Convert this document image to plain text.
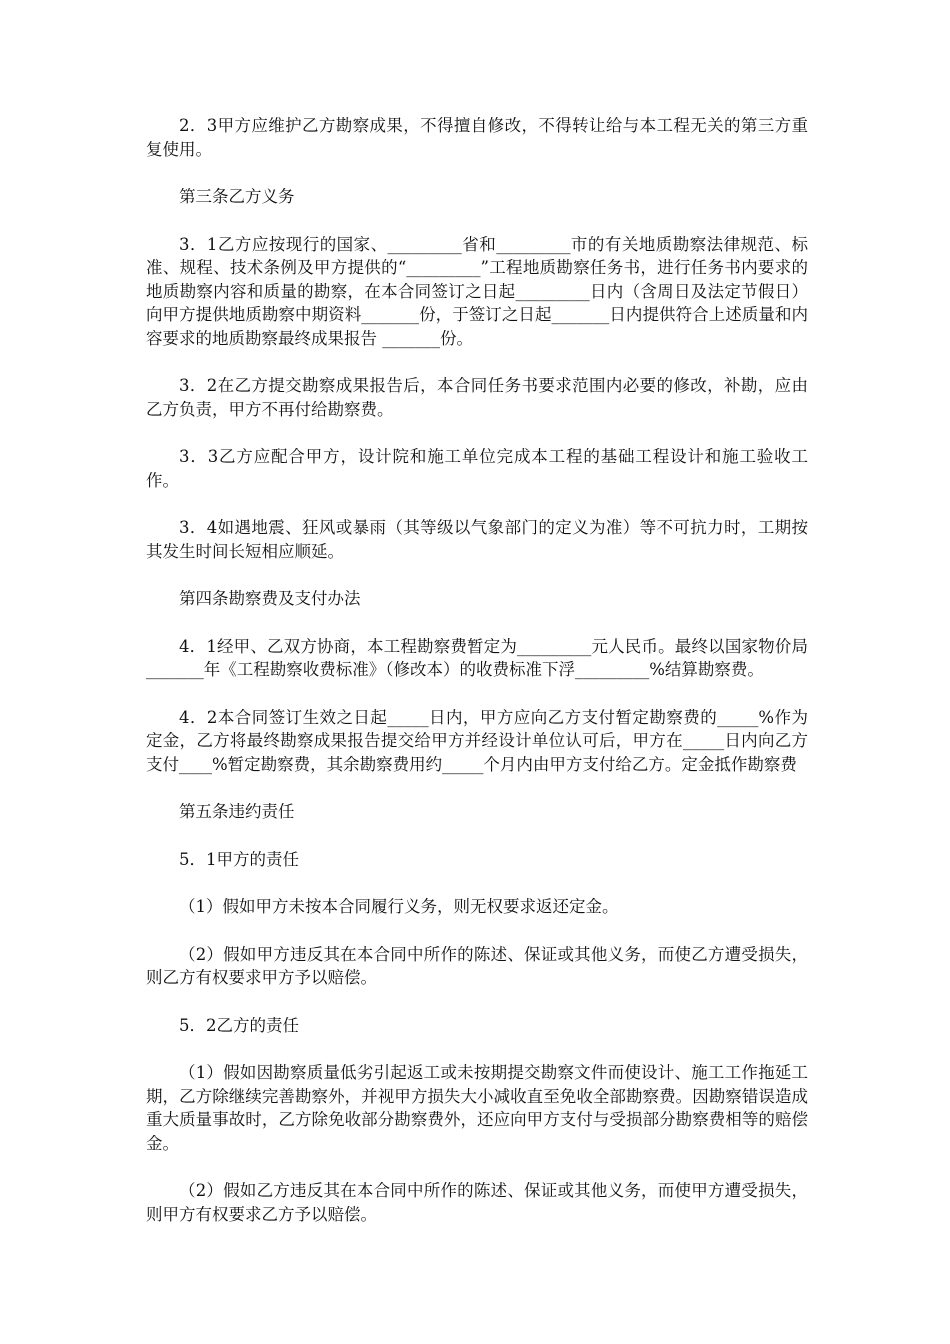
2．3甲方应维护乙方勘察成果，不得擅自修改，不得转让给与本工程无关的第三方重复使用。

第三条乙方义务

3．1乙方应按现行的国家、_________省和_________市的有关地质勘察法律规范、标准、规程、技术条例及甲方提供的“_________”工程地质勘察任务书，进行任务书内要求的地质勘察内容和质量的勘察，在本合同签订之日起_________日内（含周日及法定节假日）向甲方提供地质勘察中期资料_______份，于签订之日起_______日内提供符合上述质量和内容要求的地质勘察最终成果报告 _______份。

3．2在乙方提交勘察成果报告后，本合同任务书要求范围内必要的修改，补勘，应由乙方负责，甲方不再付给勘察费。

3．3乙方应配合甲方，设计院和施工单位完成本工程的基础工程设计和施工验收工作。

3．4如遇地震、狂风或暴雨（其等级以气象部门的定义为准）等不可抗力时，工期按其发生时间长短相应顺延。

第四条勘察费及支付办法

4．1经甲、乙双方协商，本工程勘察费暂定为_________元人民币。最终以国家物价局_______年《工程勘察收费标准》（修改本）的收费标准下浮_________%结算勘察费。

4．2本合同签订生效之日起_____日内，甲方应向乙方支付暂定勘察费的_____%作为定金，乙方将最终勘察成果报告提交给甲方并经设计单位认可后，甲方在_____日内向乙方支付____%暂定勘察费，其余勘察费用约_____个月内由甲方支付给乙方。定金抵作勘察费

第五条违约责任

5．1甲方的责任

（1）假如甲方未按本合同履行义务，则无权要求返还定金。

（2）假如甲方违反其在本合同中所作的陈述、保证或其他义务，而使乙方遭受损失，则乙方有权要求甲方予以赔偿。

5．2乙方的责任

（1）假如因勘察质量低劣引起返工或未按期提交勘察文件而使设计、施工工作拖延工期，乙方除继续完善勘察外，并视甲方损失大小减收直至免收全部勘察费。因勘察错误造成重大质量事故时，乙方除免收部分勘察费外，还应向甲方支付与受损部分勘察费相等的赔偿金。

（2）假如乙方违反其在本合同中所作的陈述、保证或其他义务，而使甲方遭受损失，则甲方有权要求乙方予以赔偿。
